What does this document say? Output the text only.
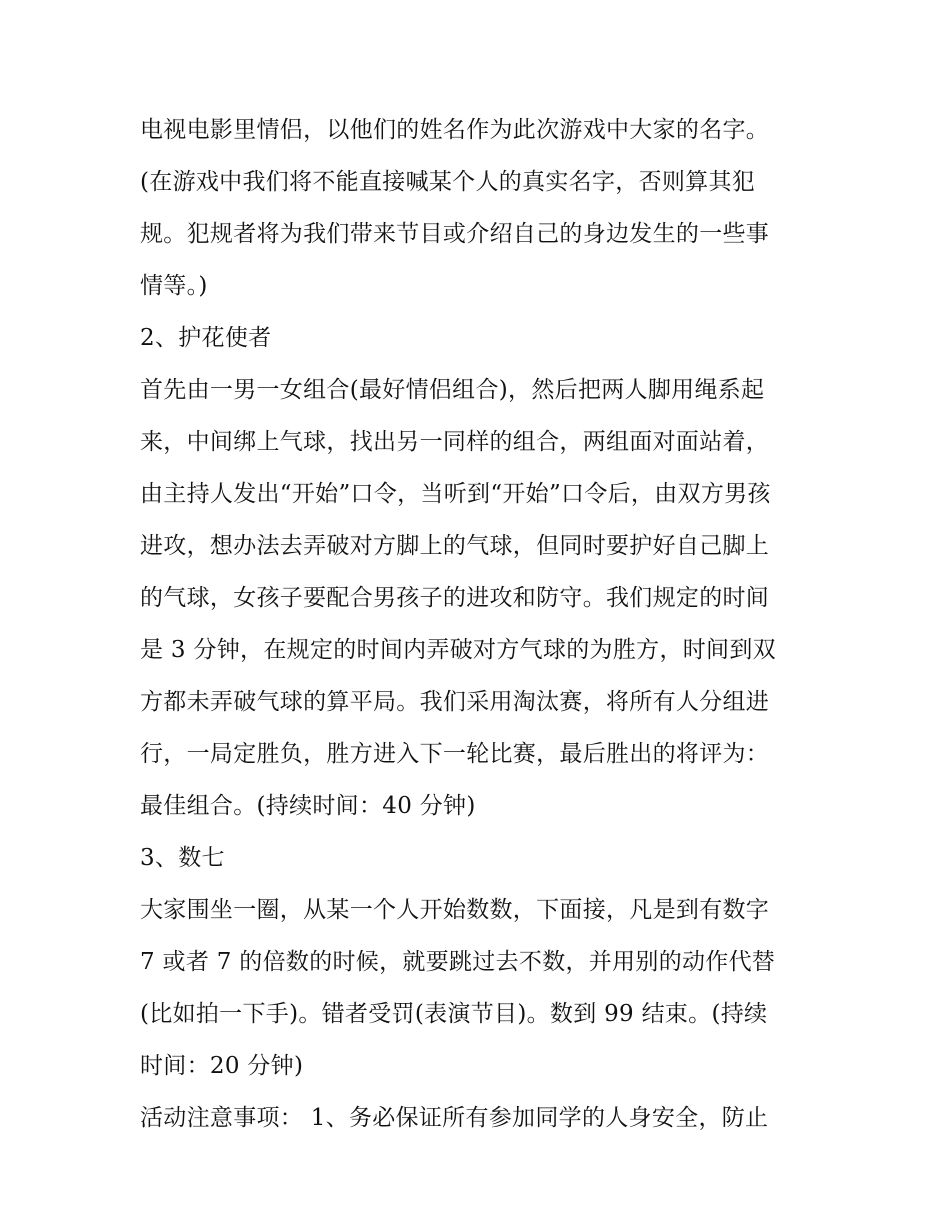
电视电影里情侣，以他们的姓名作为此次游戏中大家的名字。
(在游戏中我们将不能直接喊某个人的真实名字，否则算其犯
规。犯规者将为我们带来节目或介绍自己的身边发生的一些事
情等。)
2、护花使者
首先由一男一女组合(最好情侣组合)，然后把两人脚用绳系起
来，中间绑上气球，找出另一同样的组合，两组面对面站着，
由主持人发出“开始”口令，当听到“开始”口令后，由双方男孩
进攻，想办法去弄破对方脚上的气球，但同时要护好自己脚上
的气球，女孩子要配合男孩子的进攻和防守。我们规定的时间
是 3 分钟，在规定的时间内弄破对方气球的为胜方，时间到双
方都未弄破气球的算平局。我们采用淘汰赛，将所有人分组进
行，一局定胜负，胜方进入下一轮比赛，最后胜出的将评为：
最佳组合。(持续时间：40 分钟)
3、数七
大家围坐一圈，从某一个人开始数数，下面接，凡是到有数字
7 或者 7 的倍数的时候，就要跳过去不数，并用别的动作代替
(比如拍一下手)。错者受罚(表演节目)。数到 99 结束。(持续
时间：20 分钟)
活动注意事项： 1、务必保证所有参加同学的人身安全，防止
